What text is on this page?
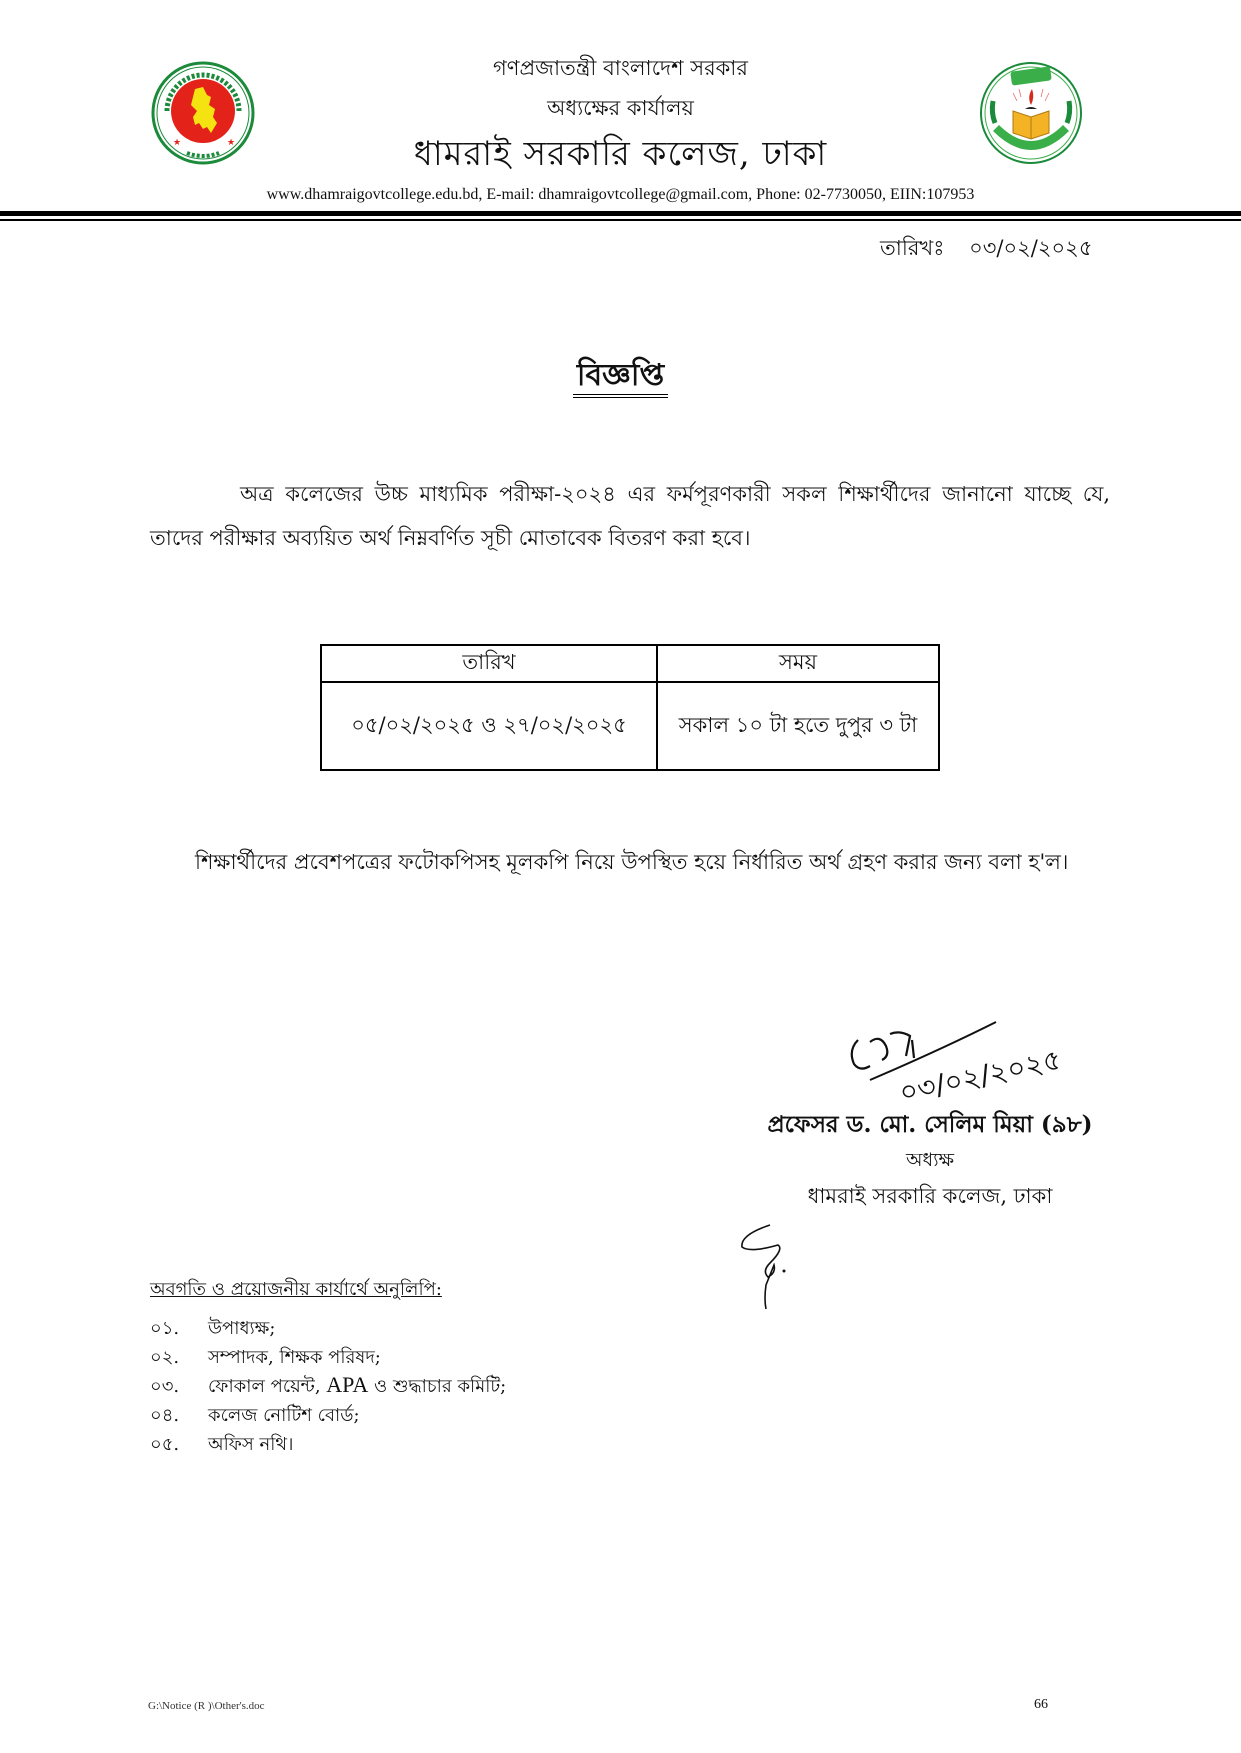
★	★
গণপ্রজাতন্ত্রী বাংলাদেশ সরকার
অধ্যক্ষের কার্যালয়
ধামরাই সরকারি কলেজ, ঢাকা
www.dhamraigovtcollege.edu.bd, E-mail: dhamraigovtcollege@gmail.com, Phone: 02-7730050, EIIN:107953
তারিখঃ ০৩/০২/২০২৫
বিজ্ঞপ্তি

অত্র কলেজের উচ্চ মাধ্যমিক পরীক্ষা-২০২৪ এর ফর্মপূরণকারী সকল শিক্ষার্থীদের জানানো যাচ্ছে যে, তাদের পরীক্ষার অব্যয়িত অর্থ নিম্নবর্ণিত সূচী মোতাবেক বিতরণ করা হবে।

তারিখ	সময়
০৫/০২/২০২৫ ও ২৭/০২/২০২৫	সকাল ১০ টা হতে দুপুর ৩ টা

শিক্ষার্থীদের প্রবেশপত্রের ফটোকপিসহ মূলকপি নিয়ে উপস্থিত হয়ে নির্ধারিত অর্থ গ্রহণ করার জন্য বলা হ'ল।

০৩/০২/২০২৫
প্রফেসর ড. মো. সেলিম মিয়া (৯৮)
অধ্যক্ষ
ধামরাই সরকারি কলেজ, ঢাকা
অবগতি ও প্রয়োজনীয় কার্যার্থে অনুলিপি:
০১.	উপাধ্যক্ষ;
০২.	সম্পাদক, শিক্ষক পরিষদ;
০৩.	ফোকাল পয়েন্ট, APA ও শুদ্ধাচার কমিটি;
০৪.	কলেজ নোটিশ বোর্ড;
০৫.	অফিস নথি।
G:\Notice (R )\Other's.doc	66
